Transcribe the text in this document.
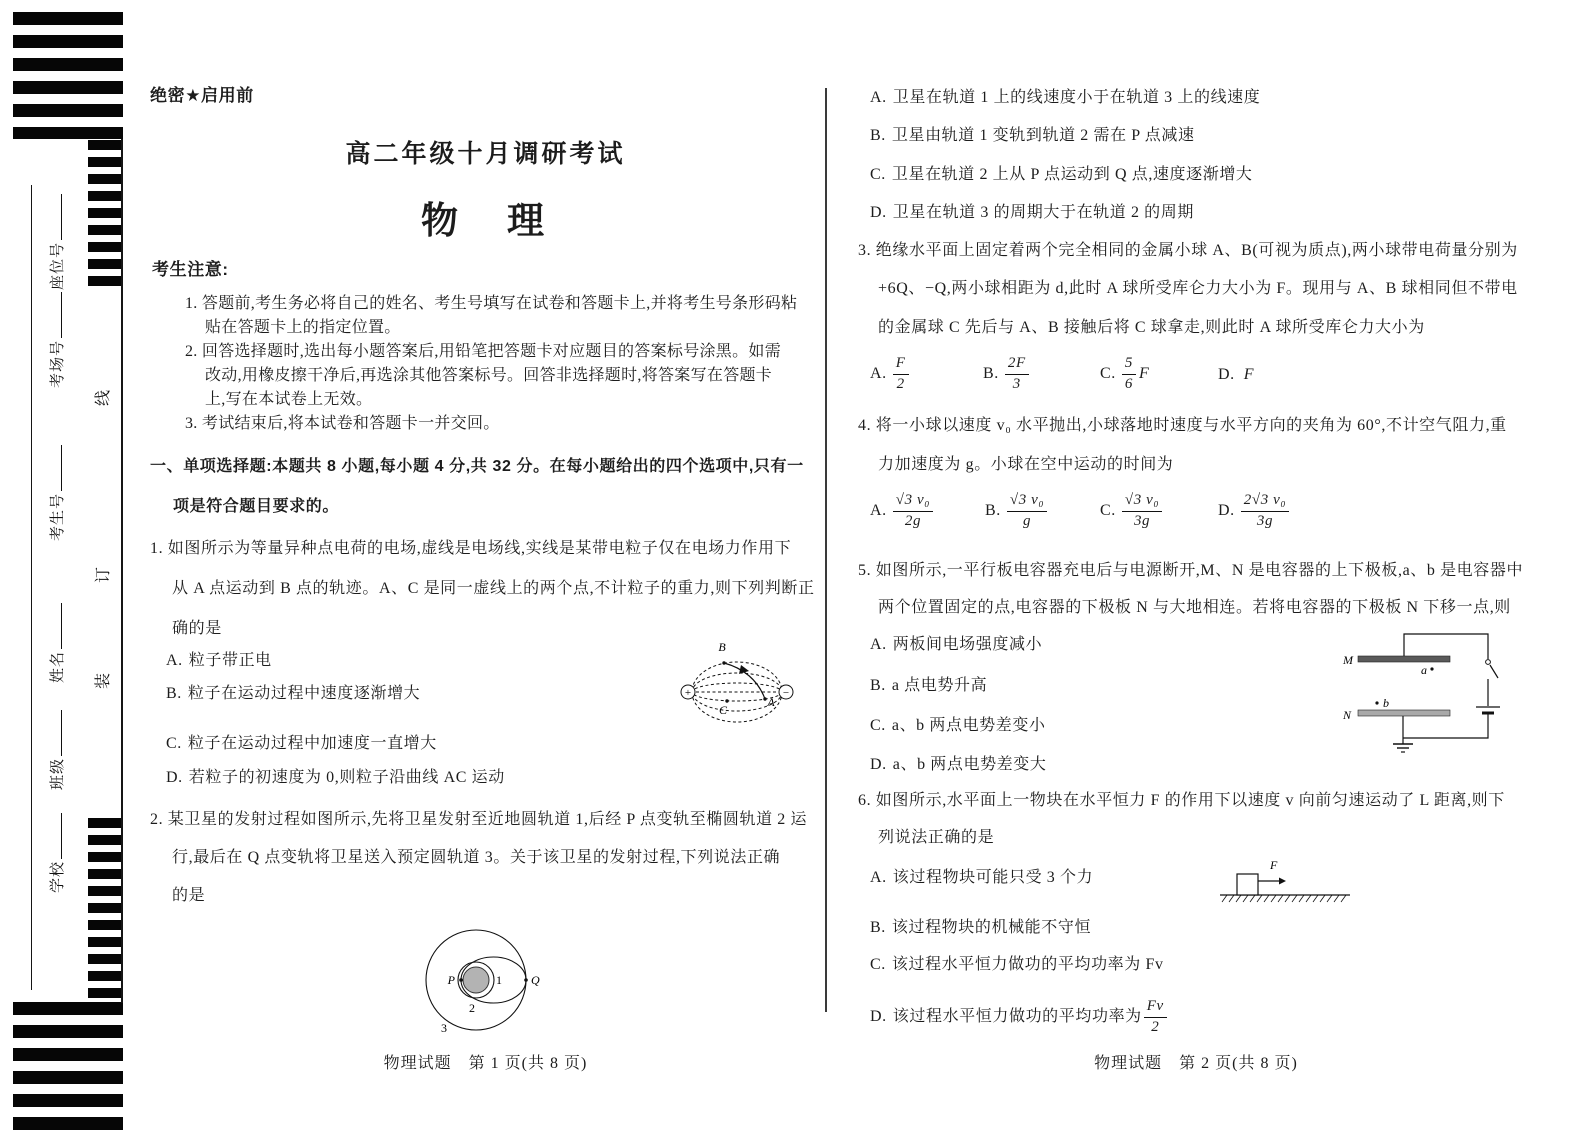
座位号
考场号
考生号
姓名
班级
学校
线
订
装
绝密★启用前
高二年级十月调研考试
物　理
考生注意:
1. 答题前,考生务必将自己的姓名、考生号填写在试卷和答题卡上,并将考生号条形码粘
贴在答题卡上的指定位置。
2. 回答选择题时,选出每小题答案后,用铅笔把答题卡对应题目的答案标号涂黑。如需
改动,用橡皮擦干净后,再选涂其他答案标号。回答非选择题时,将答案写在答题卡
上,写在本试卷上无效。
3. 考试结束后,将本试卷和答题卡一并交回。
一、单项选择题:本题共 8 小题,每小题 4 分,共 32 分。在每小题给出的四个选项中,只有一
项是符合题目要求的。
1. 如图所示为等量异种点电荷的电场,虚线是电场线,实线是某带电粒子仅在电场力作用下
从 A 点运动到 B 点的轨迹。A、C 是同一虚线上的两个点,不计粒子的重力,则下列判断正
确的是
A. 粒子带正电
B. 粒子在运动过程中速度逐渐增大
C. 粒子在运动过程中加速度一直增大
D. 若粒子的初速度为 0,则粒子沿曲线 AC 运动
2. 某卫星的发射过程如图所示,先将卫星发射至近地圆轨道 1,后经 P 点变轨至椭圆轨道 2 运
行,最后在 Q 点变轨将卫星送入预定圆轨道 3。关于该卫星的发射过程,下列说法正确
的是
物理试题　第 1 页(共 8 页)
+	−
B
A
C
P	Q
1
2
3
A. 卫星在轨道 1 上的线速度小于在轨道 3 上的线速度
B. 卫星由轨道 1 变轨到轨道 2 需在 P 点减速
C. 卫星在轨道 2 上从 P 点运动到 Q 点,速度逐渐增大
D. 卫星在轨道 3 的周期大于在轨道 2 的周期
3. 绝缘水平面上固定着两个完全相同的金属小球 A、B(可视为质点),两小球带电荷量分别为
+6Q、−Q,两小球相距为 d,此时 A 球所受库仑力大小为 F。现用与 A、B 球相同但不带电
的金属球 C 先后与 A、B 接触后将 C 球拿走,则此时 A 球所受库仑力大小为
A. $\frac{F}{2}$	B. $\frac{2F}{3}$	C. $\frac{5}{6}$ F	D. F
4. 将一小球以速度 v₀ 水平抛出,小球落地时速度与水平方向的夹角为 60°,不计空气阻力,重
力加速度为 g。小球在空中运动的时间为
A. $\frac{\text{√3 v₀}}{2g}$	B. $\frac{\text{√3 v₀}}{g}$	C. $\frac{\text{√3 v₀}}{3g}$	D. $\frac{\text{2√3 v₀}}{3g}$
5. 如图所示,一平行板电容器充电后与电源断开,M、N 是电容器的上下极板,a、b 是电容器中
两个位置固定的点,电容器的下极板 N 与大地相连。若将电容器的下极板 N 下移一点,则
A. 两板间电场强度减小
B. a 点电势升高
C. a、b 两点电势差变小
D. a、b 两点电势差变大
6. 如图所示,水平面上一物块在水平恒力 F 的作用下以速度 v 向前匀速运动了 L 距离,则下
列说法正确的是
A. 该过程物块可能只受 3 个力
B. 该过程物块的机械能不守恒
C. 该过程水平恒力做功的平均功率为 Fv
D. 该过程水平恒力做功的平均功率为 $\frac{Fv}{2}$
物理试题　第 2 页(共 8 页)
M
N
a
b
F
